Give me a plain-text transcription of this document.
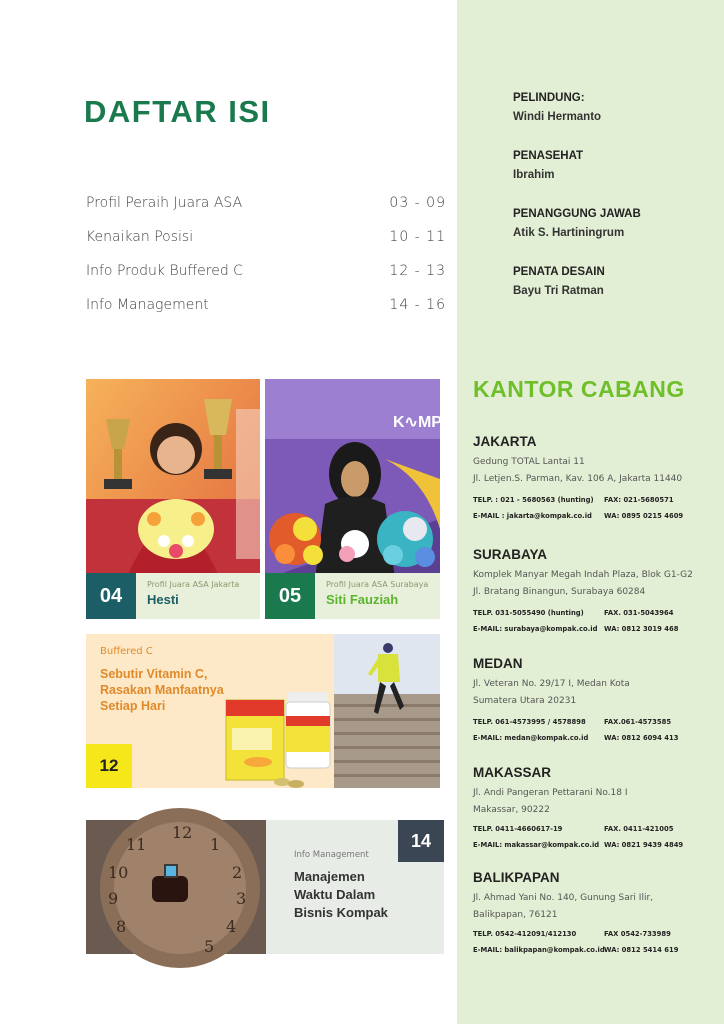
DAFTAR ISI
Profil Peraih Juara ASA	03 - 09
Kenaikan Posisi	10 - 11
Info Produk Buffered C	12 - 13
Info Management	14 - 16
04	Profil Juara ASA Jakarta
Hesti
K∿MPA
05	Profil Juara ASA Surabaya
Siti Fauziah
Buffered C
Sebutir Vitamin C, Rasakan Manfaatnya Setiap Hari
12
12
1
2
3
4
5
11
10
9
8
Info Management
Manajemen Waktu Dalam Bisnis Kompak
14
PELINDUNG:
Windi Hermanto
PENASEHAT
Ibrahim
PENANGGUNG JAWAB
Atik S. Hartiningrum
PENATA DESAIN
Bayu Tri Ratman
KANTOR CABANG
JAKARTA
Gedung TOTAL Lantai 11
Jl. Letjen.S. Parman, Kav. 106 A, Jakarta 11440
TELP. : 021 - 5680563 (hunting) FAX: 021-5680571
E-MAIL : jakarta@kompak.co.id WA: 0895 0215 4609
SURABAYA
Komplek Manyar Megah Indah Plaza, Blok G1-G2
Jl. Bratang Binangun, Surabaya 60284
TELP. 031-5055490 (hunting)	FAX. 031-5043964
E-MAIL: surabaya@kompak.co.id WA: 0812 3019 468
MEDAN
Jl. Veteran No. 29/17 I, Medan Kota
Sumatera Utara 20231
TELP. 061-4573995 / 4578898	FAX.061-4573585
E-MAIL: medan@kompak.co.id WA: 0812 6094 413
MAKASSAR
Jl. Andi Pangeran Pettarani No.18 I
Makassar, 90222
TELP. 0411-4660617-19	FAX. 0411-421005
E-MAIL: makassar@kompak.co.id WA: 0821 9439 4849
BALIKPAPAN
Jl. Ahmad Yani No. 140, Gunung Sari Ilir,
Balikpapan, 76121
TELP. 0542-412091/412130	FAX 0542-733989
E-MAIL: balikpapan@kompak.co.id WA: 0812 5414 619
